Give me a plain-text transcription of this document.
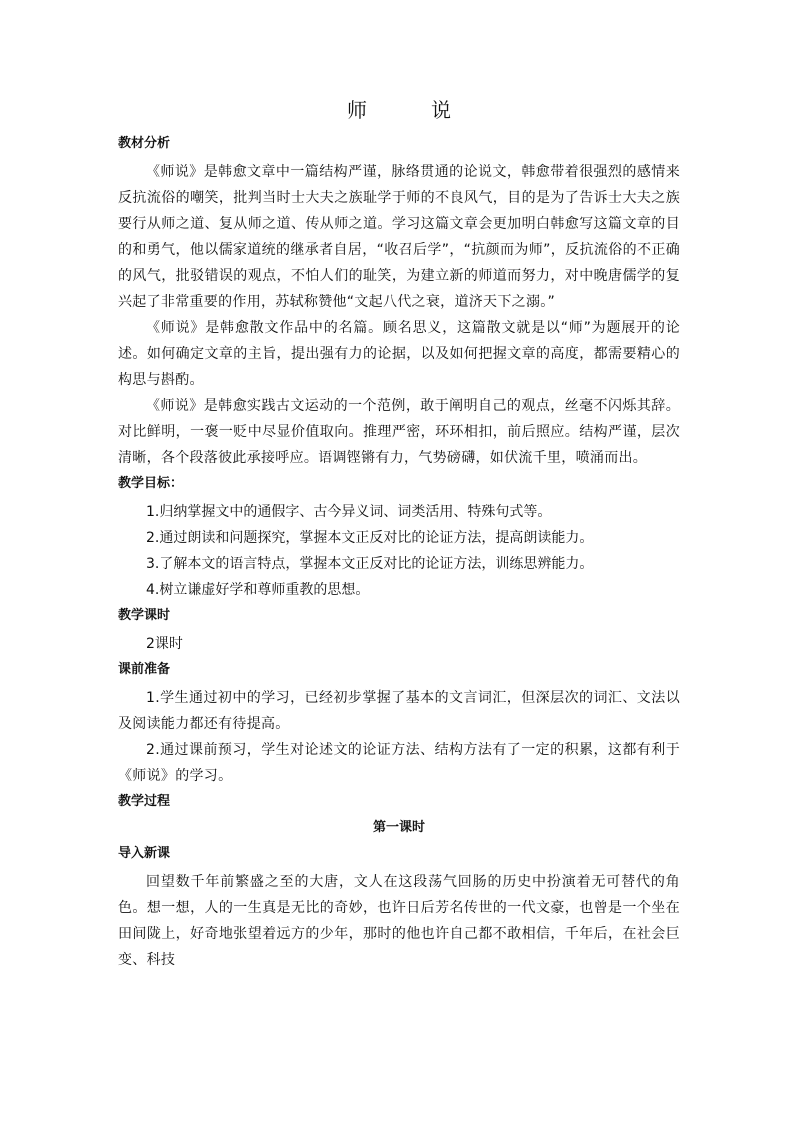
师　说
教材分析

《师说》是韩愈文章中一篇结构严谨，脉络贯通的论说文，韩愈带着很强烈的感情来反抗流俗的嘲笑，批判当时士大夫之族耻学于师的不良风气，目的是为了告诉士大夫之族要行从师之道、复从师之道、传从师之道。学习这篇文章会更加明白韩愈写这篇文章的目的和勇气，他以儒家道统的继承者自居，“收召后学”，“抗颜而为师”，反抗流俗的不正确的风气，批驳错误的观点，不怕人们的耻笑，为建立新的师道而努力，对中晚唐儒学的复兴起了非常重要的作用，苏轼称赞他“文起八代之衰，道济天下之溺。”

《师说》是韩愈散文作品中的名篇。顾名思义，这篇散文就是以“师”为题展开的论述。如何确定文章的主旨，提出强有力的论据，以及如何把握文章的高度，都需要精心的构思与斟酌。

《师说》是韩愈实践古文运动的一个范例，敢于阐明自己的观点，丝毫不闪烁其辞。对比鲜明，一褒一贬中尽显价值取向。推理严密，环环相扣，前后照应。结构严谨，层次清晰，各个段落彼此承接呼应。语调铿锵有力，气势磅礴，如伏流千里，喷涌而出。

教学目标：

1.归纳掌握文中的通假字、古今异义词、词类活用、特殊句式等。

2.通过朗读和问题探究，掌握本文正反对比的论证方法，提高朗读能力。

3.了解本文的语言特点，掌握本文正反对比的论证方法，训练思辨能力。

4.树立谦虚好学和尊师重教的思想。

教学课时

2课时

课前准备

1.学生通过初中的学习，已经初步掌握了基本的文言词汇，但深层次的词汇、文法以及阅读能力都还有待提高。

2.通过课前预习，学生对论述文的论证方法、结构方法有了一定的积累，这都有利于《师说》的学习。

教学过程
第一课时
导入新课

回望数千年前繁盛之至的大唐，文人在这段荡气回肠的历史中扮演着无可替代的角色。想一想，人的一生真是无比的奇妙，也许日后芳名传世的一代文豪，也曾是一个坐在田间陇上，好奇地张望着远方的少年，那时的他也许自己都不敢相信，千年后，在社会巨变、科技
